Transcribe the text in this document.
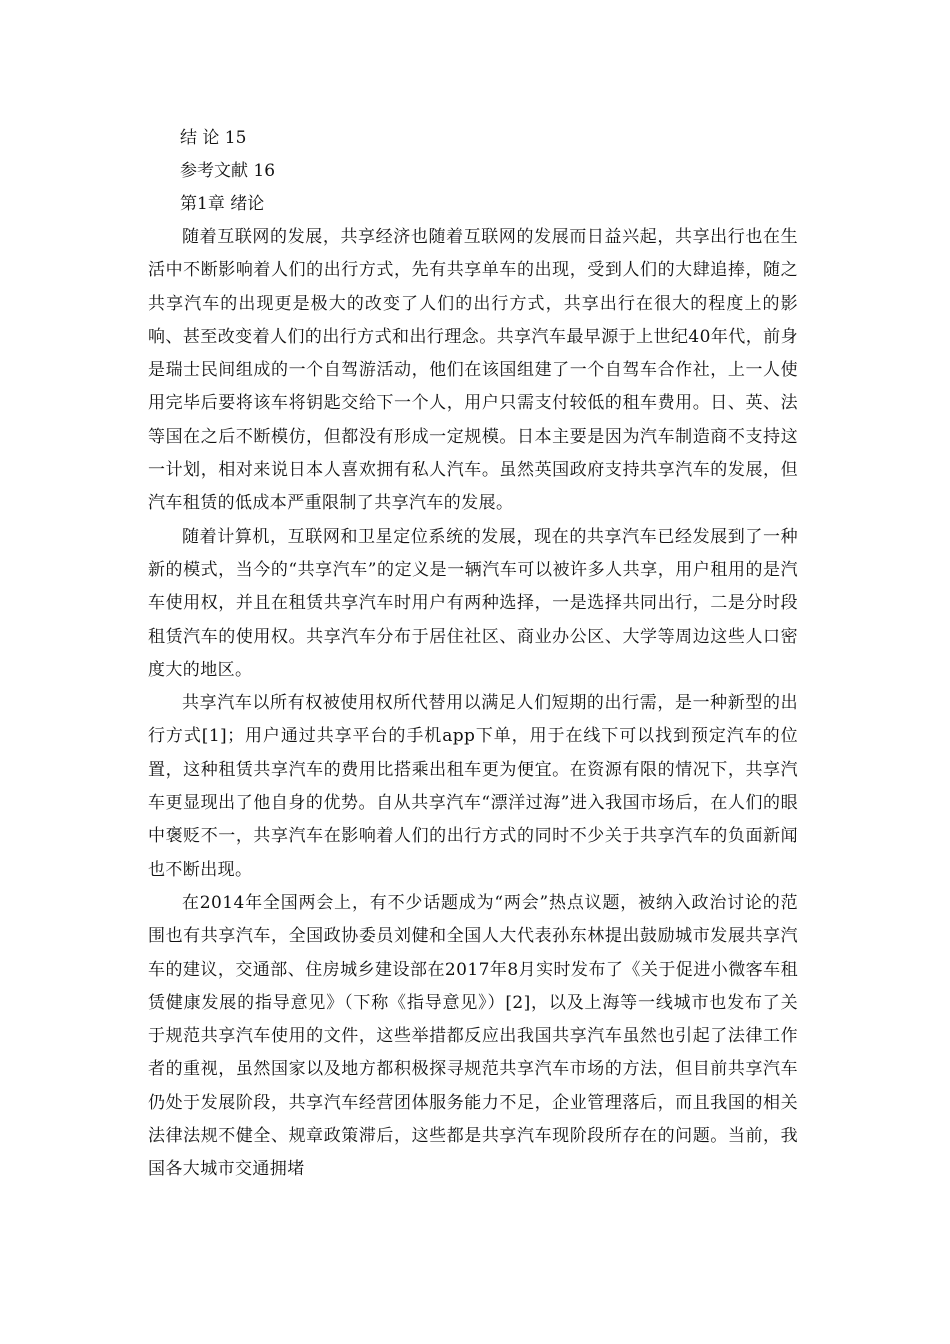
结 论 15

参考文献 16

第1章 绪论

随着互联网的发展，共享经济也随着互联网的发展而日益兴起，共享出行也在生活中不断影响着人们的出行方式，先有共享单车的出现，受到人们的大肆追捧，随之共享汽车的出现更是极大的改变了人们的出行方式，共享出行在很大的程度上的影响、甚至改变着人们的出行方式和出行理念。共享汽车最早源于上世纪40年代，前身是瑞士民间组成的一个自驾游活动，他们在该国组建了一个自驾车合作社，上一人使用完毕后要将该车将钥匙交给下一个人，用户只需支付较低的租车费用。日、英、法等国在之后不断模仿，但都没有形成一定规模。日本主要是因为汽车制造商不支持这一计划，相对来说日本人喜欢拥有私人汽车。虽然英国政府支持共享汽车的发展，但汽车租赁的低成本严重限制了共享汽车的发展。

随着计算机，互联网和卫星定位系统的发展，现在的共享汽车已经发展到了一种新的模式，当今的“共享汽车”的定义是一辆汽车可以被许多人共享，用户租用的是汽车使用权，并且在租赁共享汽车时用户有两种选择，一是选择共同出行，二是分时段租赁汽车的使用权。共享汽车分布于居住社区、商业办公区、大学等周边这些人口密度大的地区。

共享汽车以所有权被使用权所代替用以满足人们短期的出行需，是一种新型的出行方式[1]；用户通过共享平台的手机app下单，用于在线下可以找到预定汽车的位置，这种租赁共享汽车的费用比搭乘出租车更为便宜。在资源有限的情况下，共享汽车更显现出了他自身的优势。自从共享汽车“漂洋过海”进入我国市场后，在人们的眼中褒贬不一，共享汽车在影响着人们的出行方式的同时不少关于共享汽车的负面新闻也不断出现。

在2014年全国两会上，有不少话题成为“两会”热点议题，被纳入政治讨论的范围也有共享汽车，全国政协委员刘健和全国人大代表孙东林提出鼓励城市发展共享汽车的建议，交通部、住房城乡建设部在2017年8月实时发布了《关于促进小微客车租赁健康发展的指导意见》（下称《指导意见》）[2]，以及上海等一线城市也发布了关于规范共享汽车使用的文件，这些举措都反应出我国共享汽车虽然也引起了法律工作者的重视，虽然国家以及地方都积极探寻规范共享汽车市场的方法，但目前共享汽车仍处于发展阶段，共享汽车经营团体服务能力不足，企业管理落后，而且我国的相关法律法规不健全、规章政策滞后，这些都是共享汽车现阶段所存在的问题。当前，我国各大城市交通拥堵
